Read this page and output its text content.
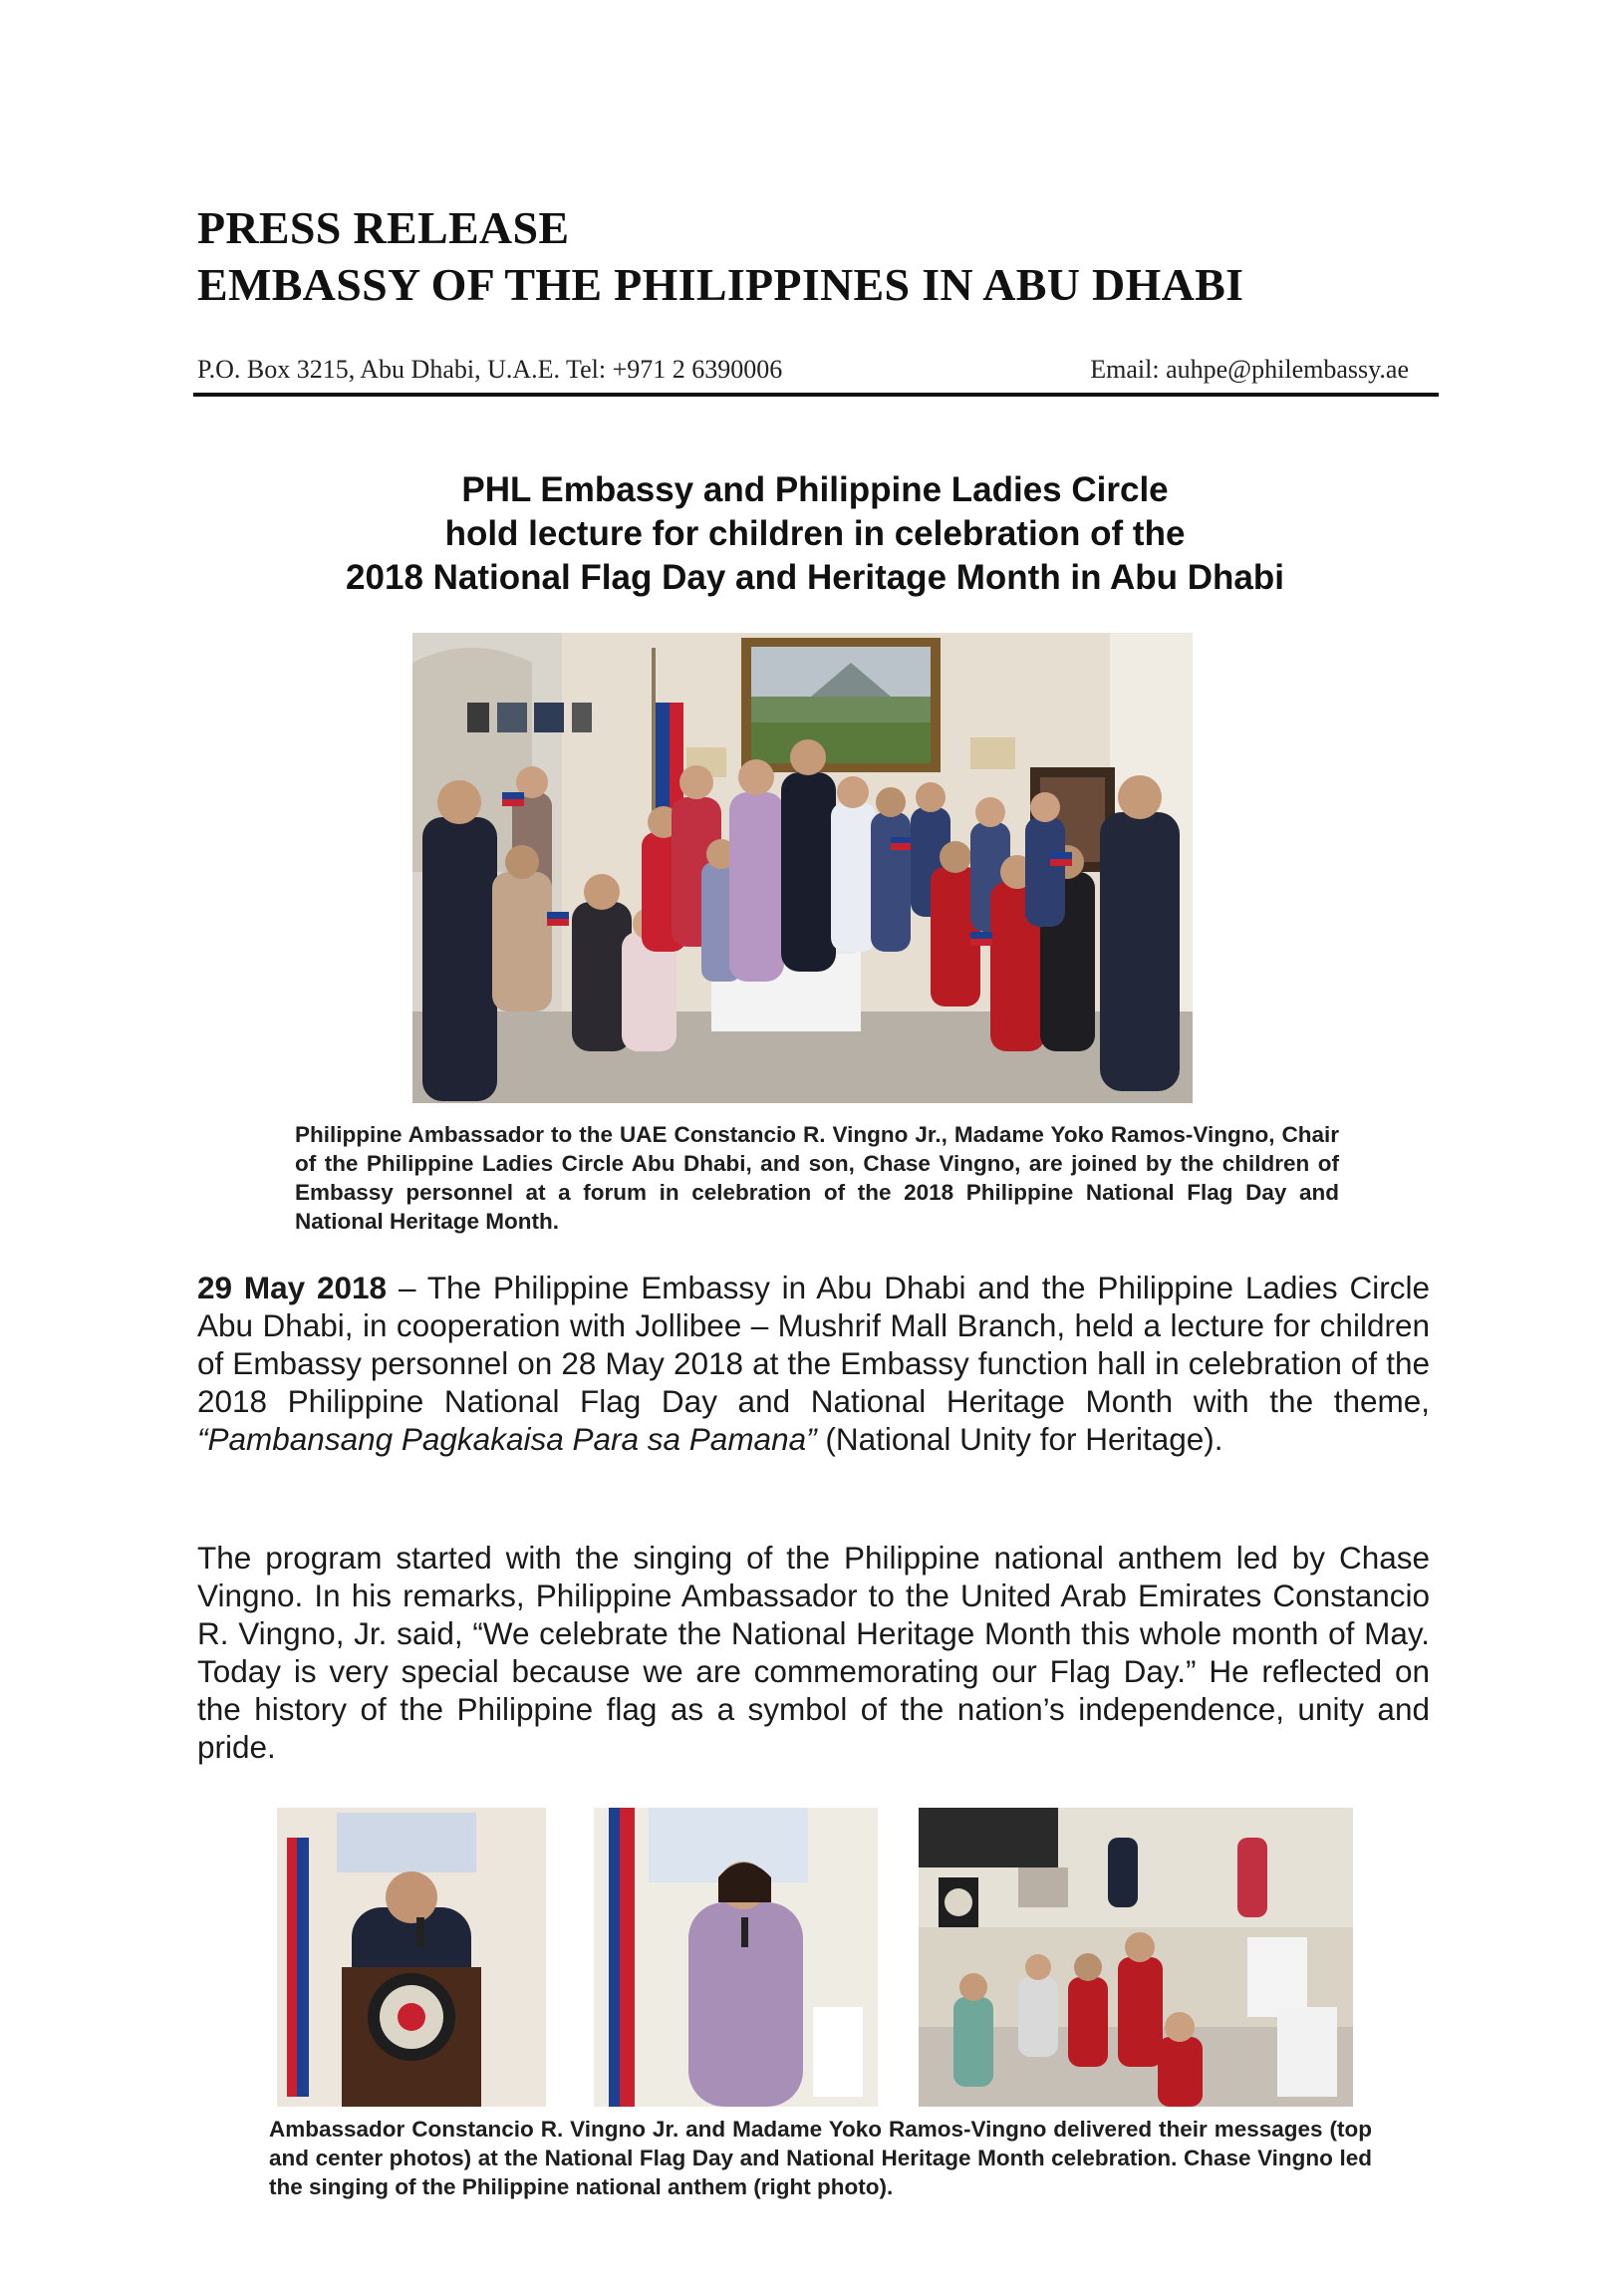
PRESS RELEASE
EMBASSY OF THE PHILIPPINES IN ABU DHABI
P.O. Box 3215, Abu Dhabi, U.A.E. Tel: +971 2 6390006	Email: auhpe@philembassy.ae
PHL Embassy and Philippine Ladies Circle
hold lecture for children in celebration of the
2018 National Flag Day and Heritage Month in Abu Dhabi
Philippine Ambassador to the UAE Constancio R. Vingno Jr., Madame Yoko Ramos-Vingno, Chair of the Philippine Ladies Circle Abu Dhabi, and son, Chase Vingno, are joined by the children of Embassy personnel at a forum in celebration of the 2018 Philippine National Flag Day and National Heritage Month.
29 May 2018 – The Philippine Embassy in Abu Dhabi and the Philippine Ladies Circle Abu Dhabi, in cooperation with Jollibee – Mushrif Mall Branch, held a lecture for children of Embassy personnel on 28 May 2018 at the Embassy function hall in celebration of the 2018 Philippine National Flag Day and National Heritage Month with the theme, “Pambansang Pagkakaisa Para sa Pamana” (National Unity for Heritage).
The program started with the singing of the Philippine national anthem led by Chase Vingno. In his remarks, Philippine Ambassador to the United Arab Emirates Constancio R. Vingno, Jr. said, “We celebrate the National Heritage Month this whole month of May. Today is very special because we are commemorating our Flag Day.” He reflected on the history of the Philippine flag as a symbol of the nation’s independence, unity and pride.
Ambassador Constancio R. Vingno Jr. and Madame Yoko Ramos-Vingno delivered their messages (top and center photos) at the National Flag Day and National Heritage Month celebration. Chase Vingno led the singing of the Philippine national anthem (right photo).
